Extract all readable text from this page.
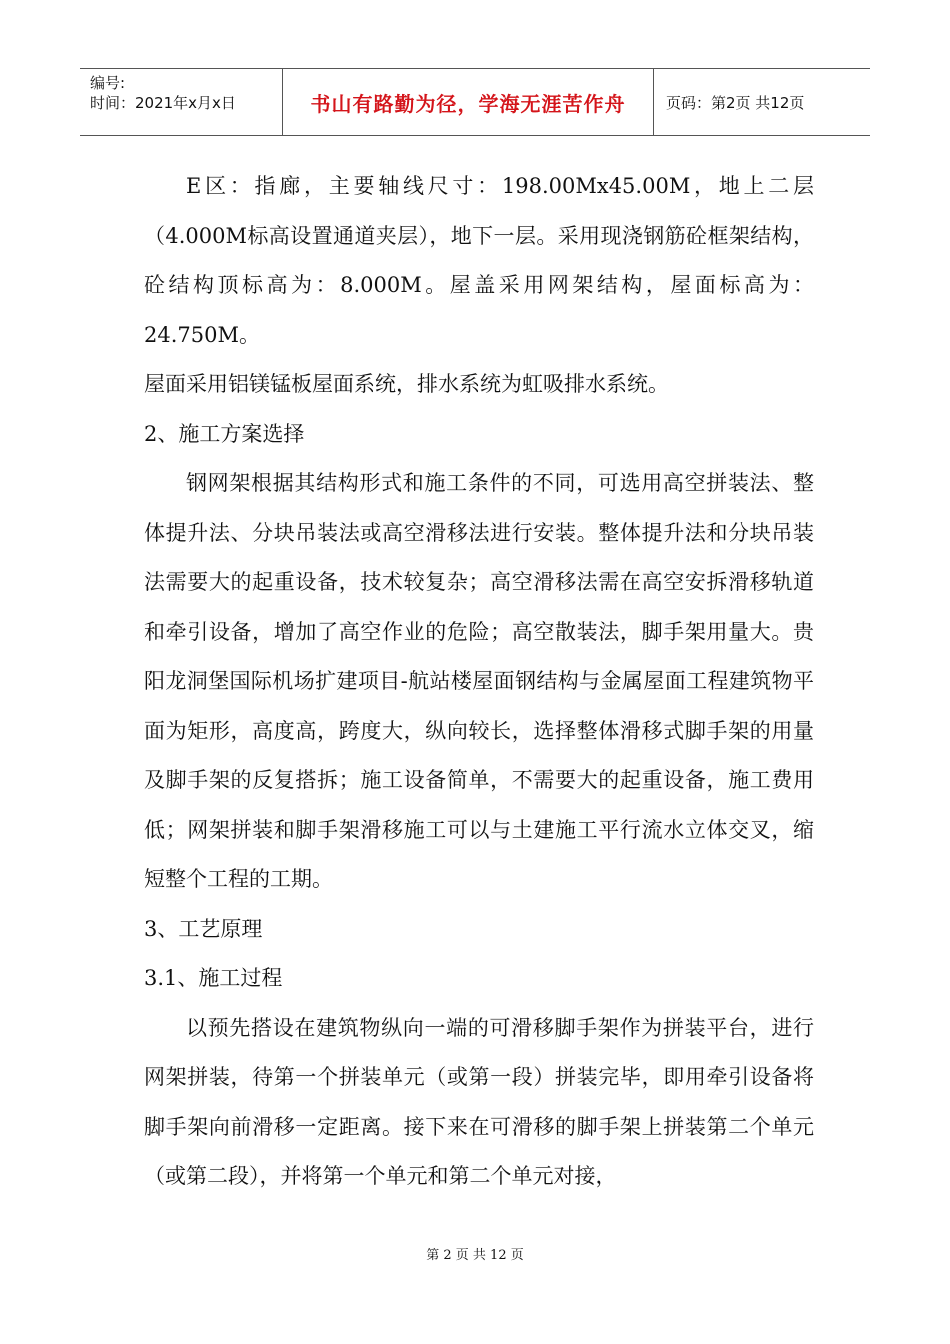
编号:
时间：2021年x月x日	书山有路勤为径，学海无涯苦作舟	页码：第2页 共12页

E区：指廊，主要轴线尺寸：198.00Mx45.00M，地上二层（4.000M标高设置通道夹层），地下一层。采用现浇钢筋砼框架结构，砼结构顶标高为：8.000M。屋盖采用网架结构，屋面标高为：24.750M。

屋面采用铝镁锰板屋面系统，排水系统为虹吸排水系统。

2、施工方案选择

钢网架根据其结构形式和施工条件的不同，可选用高空拼装法、整体提升法、分块吊装法或高空滑移法进行安装。整体提升法和分块吊装法需要大的起重设备，技术较复杂；高空滑移法需在高空安拆滑移轨道和牵引设备，增加了高空作业的危险；高空散装法，脚手架用量大。贵阳龙洞堡国际机场扩建项目-航站楼屋面钢结构与金属屋面工程建筑物平面为矩形，高度高，跨度大，纵向较长，选择整体滑移式脚手架的用量及脚手架的反复搭拆；施工设备简单，不需要大的起重设备，施工费用低；网架拼装和脚手架滑移施工可以与土建施工平行流水立体交叉，缩短整个工程的工期。

3、工艺原理

3.1、施工过程

以预先搭设在建筑物纵向一端的可滑移脚手架作为拼装平台，进行网架拼装，待第一个拼装单元（或第一段）拼装完毕，即用牵引设备将脚手架向前滑移一定距离。接下来在可滑移的脚手架上拼装第二个单元（或第二段），并将第一个单元和第二个单元对接，

第 2 页 共 12 页
